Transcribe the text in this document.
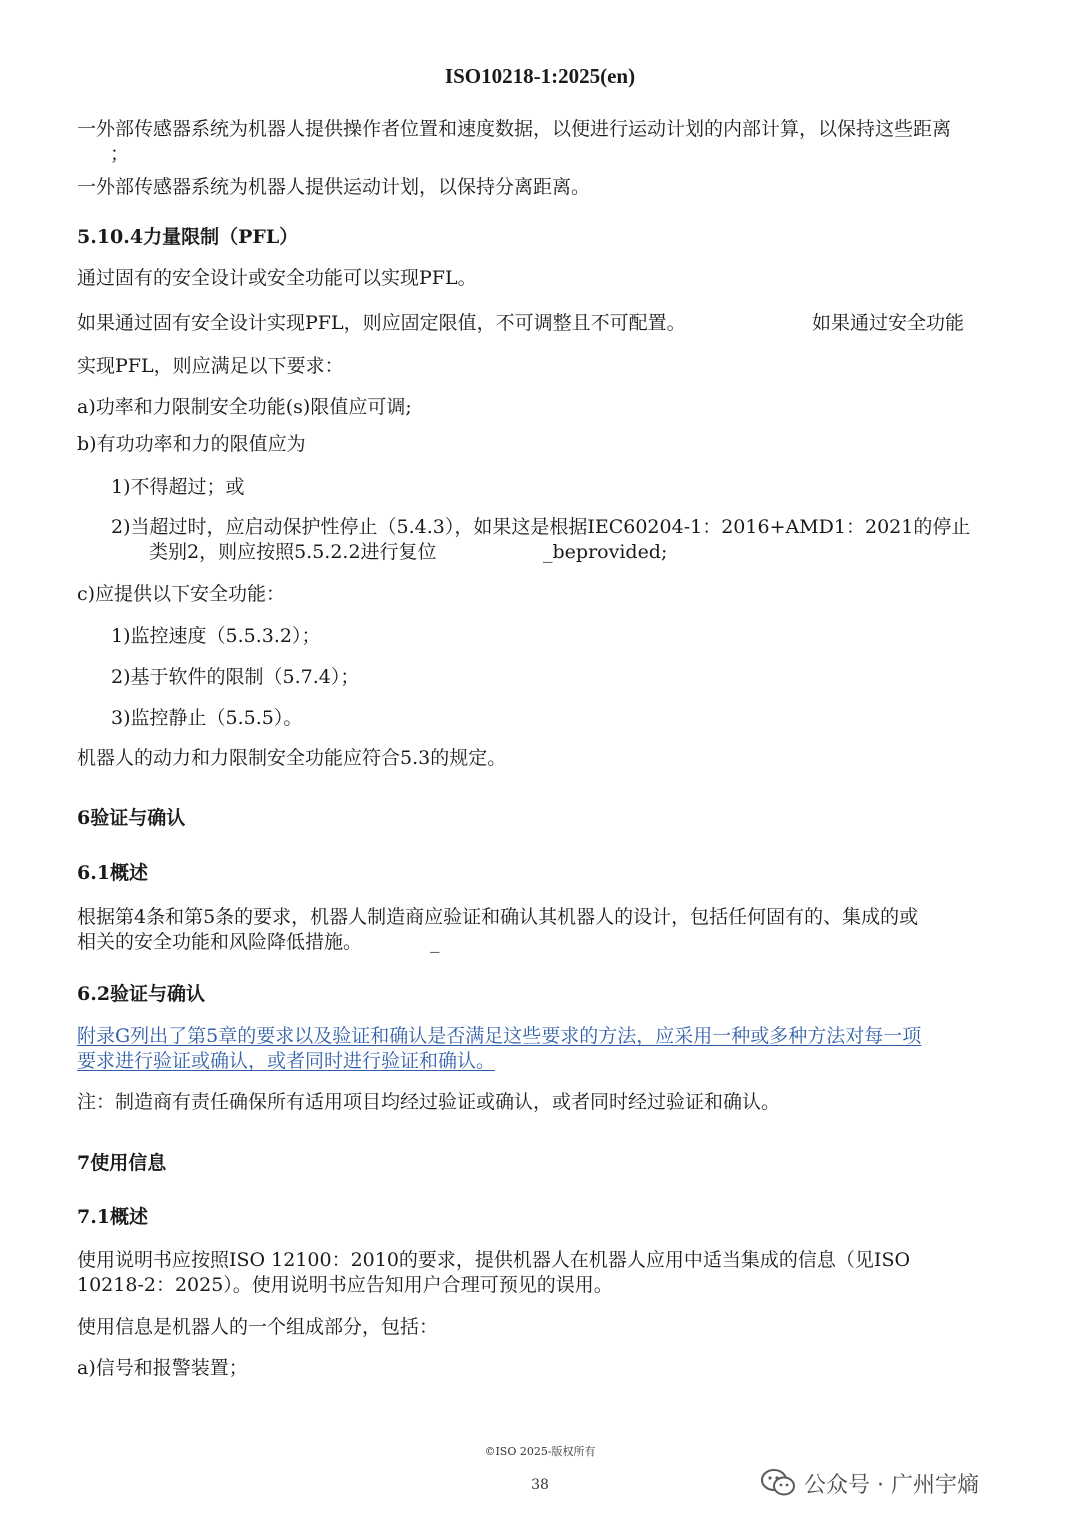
ISO10218-1:2025(en)

一外部传感器系统为机器人提供操作者位置和速度数据，以便进行运动计划的内部计算，以保持这些距离

；

一外部传感器系统为机器人提供运动计划，以保持分离距离。

5.10.4力量限制（PFL）

通过固有的安全设计或安全功能可以实现PFL。

如果通过固有安全设计实现PFL，则应固定限值，不可调整且不可配置。	如果通过安全功能

实现PFL，则应满足以下要求：

a)功率和力限制安全功能(s)限值应可调;

b)有功功率和力的限值应为

1)不得超过；或

2)当超过时，应启动保护性停止（5.4.3），如果这是根据IEC60204-1：2016+AMD1：2021的停止

类别2，则应按照5.5.2.2进行复位	_beprovided;

c)应提供以下安全功能：

1)监控速度（5.5.3.2）；

2)基于软件的限制（5.7.4）；

3)监控静止（5.5.5）。

机器人的动力和力限制安全功能应符合5.3的规定。

6验证与确认
6.1概述

根据第4条和第5条的要求，机器人制造商应验证和确认其机器人的设计，包括任何固有的、集成的或

相关的安全功能和风险降低措施。	_

6.2验证与确认

附录G列出了第5章的要求以及验证和确认是否满足这些要求的方法，应采用一种或多种方法对每一项

要求进行验证或确认，或者同时进行验证和确认。

注：制造商有责任确保所有适用项目均经过验证或确认，或者同时经过验证和确认。

7使用信息
7.1概述

使用说明书应按照ISO 12100：2010的要求，提供机器人在机器人应用中适当集成的信息（见ISO

10218-2：2025）。使用说明书应告知用户合理可预见的误用。

使用信息是机器人的一个组成部分，包括：

a)信号和报警装置；

©ISO 2025-版权所有
38	公众号 · 广州宇熵
